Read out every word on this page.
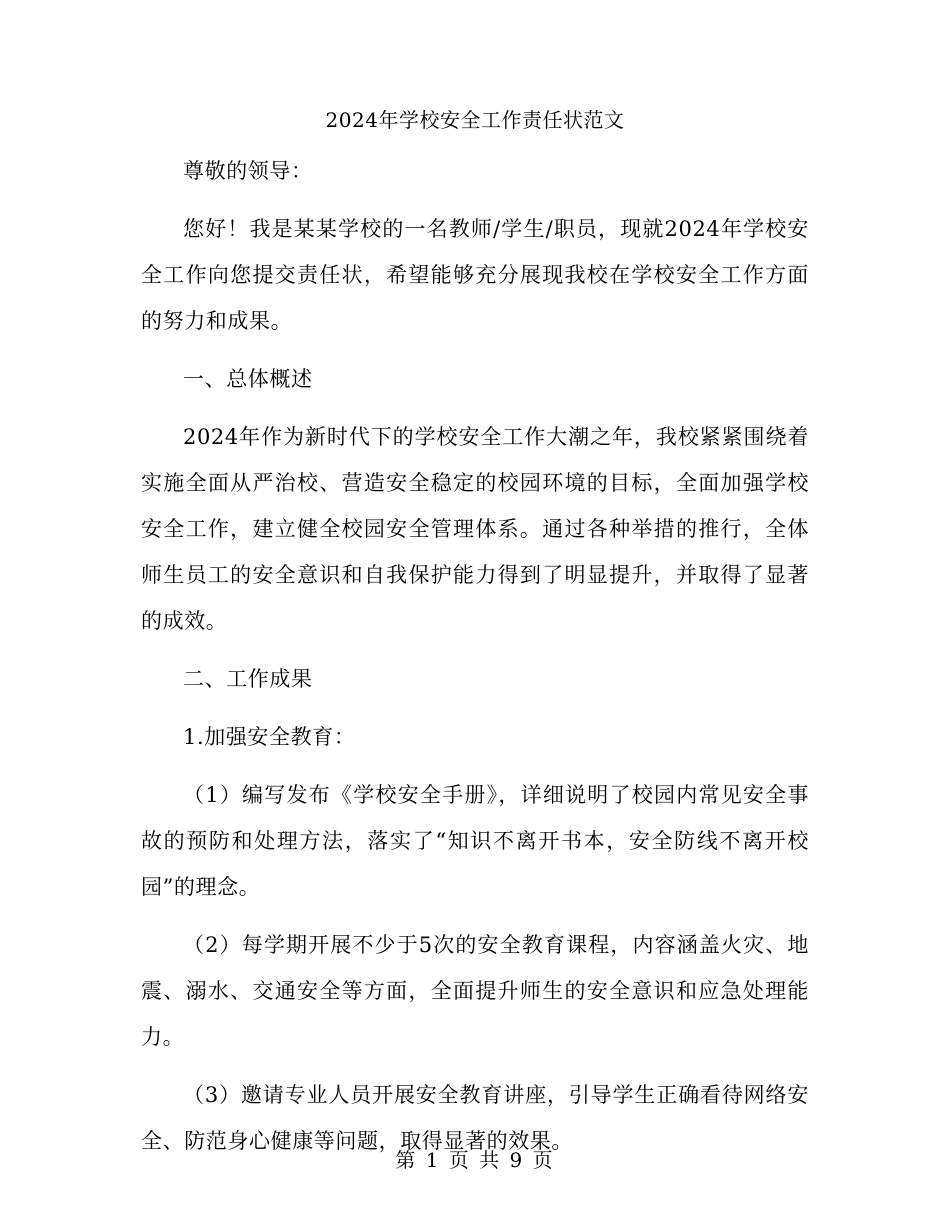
2024年学校安全工作责任状范文

尊敬的领导：

您好！我是某某学校的一名教师/学生/职员，现就2024年学校安全工作向您提交责任状，希望能够充分展现我校在学校安全工作方面的努力和成果。

一、总体概述

2024年作为新时代下的学校安全工作大潮之年，我校紧紧围绕着实施全面从严治校、营造安全稳定的校园环境的目标，全面加强学校安全工作，建立健全校园安全管理体系。通过各种举措的推行，全体师生员工的安全意识和自我保护能力得到了明显提升，并取得了显著的成效。

二、工作成果

1.加强安全教育：

（1）编写发布《学校安全手册》，详细说明了校园内常见安全事故的预防和处理方法，落实了“知识不离开书本，安全防线不离开校园”的理念。

（2）每学期开展不少于5次的安全教育课程，内容涵盖火灾、地震、溺水、交通安全等方面，全面提升师生的安全意识和应急处理能力。

（3）邀请专业人员开展安全教育讲座，引导学生正确看待网络安全、防范身心健康等问题，取得显著的效果。

第 1 页 共 9 页
